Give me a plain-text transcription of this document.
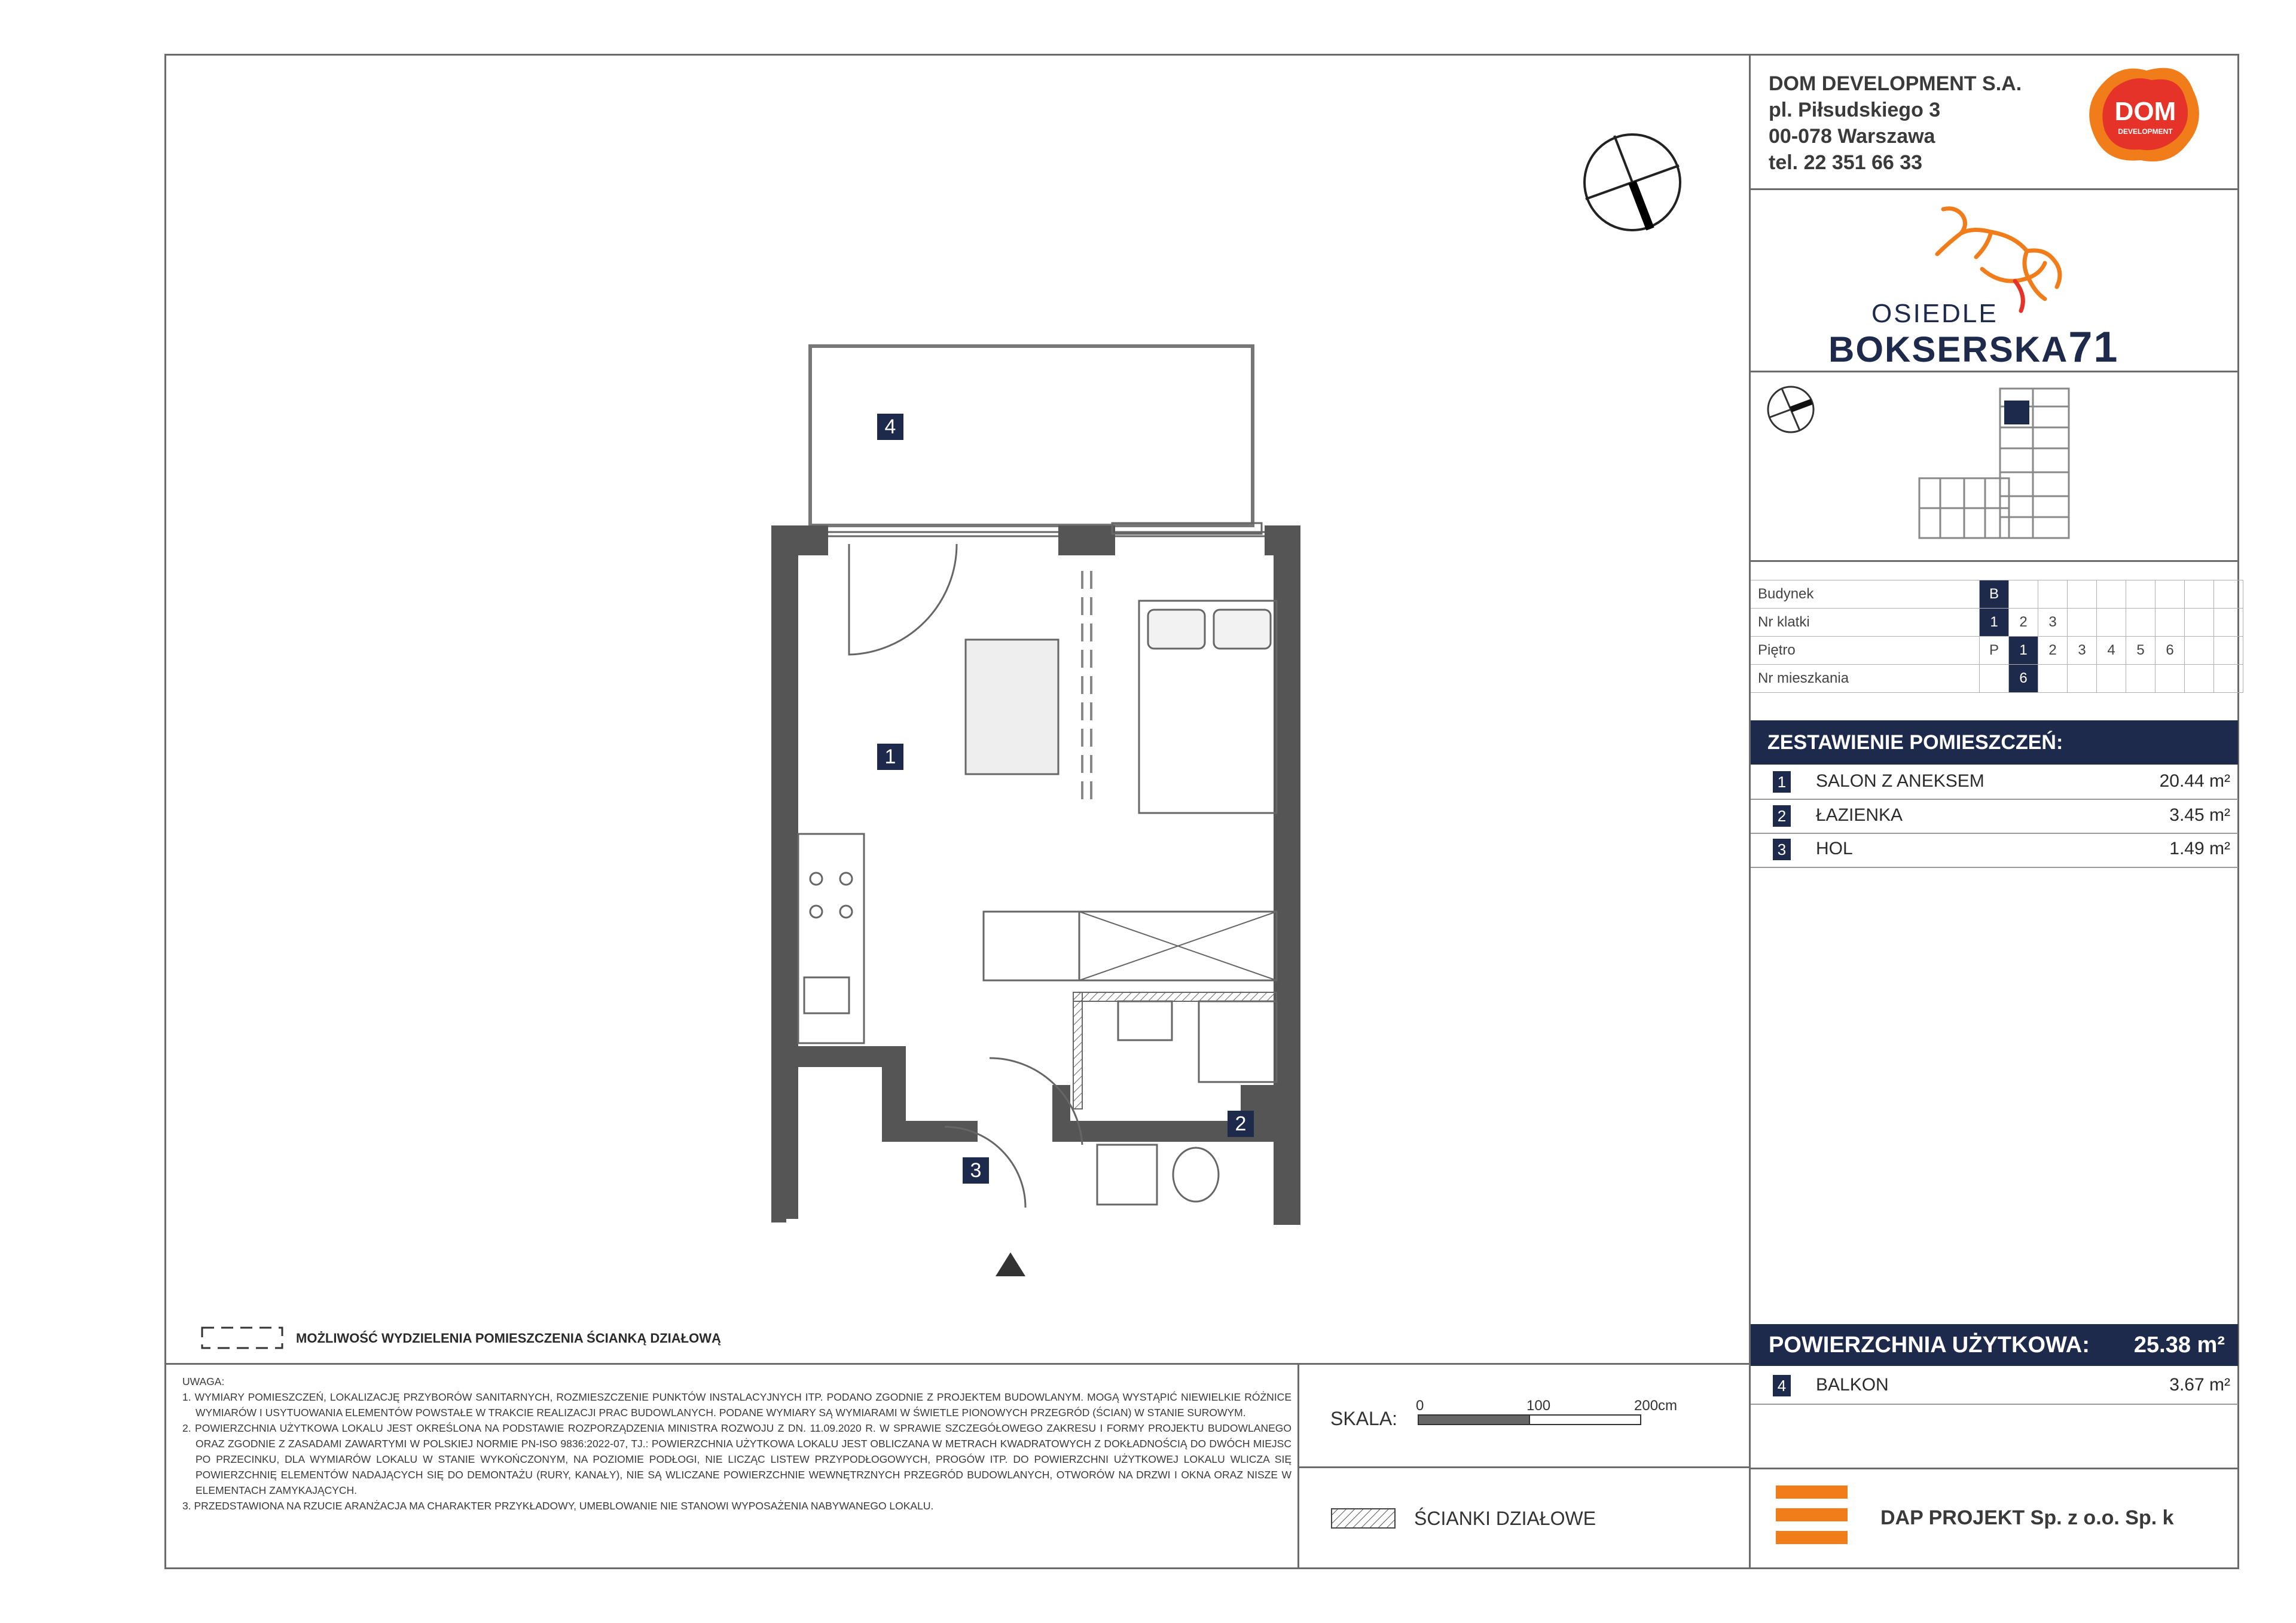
DOM DEVELOPMENT S.A.
pl. Piłsudskiego 3
00-078 Warszawa
tel. 22 351 66 33
DOM
DEVELOPMENT
OSIEDLE
BOKSERSKA71
Budynek	B								
Nr klatki	1	2	3						
Piętro	P	1	2	3	4	5	6		
Nr mieszkania		6							
ZESTAWIENIE POMIESZCZEŃ:
1 SALON Z ANEKSEM	20.44 m²
2 ŁAZIENKA	3.45 m²
3 HOL	1.49 m²
POWIERZCHNIA UŻYTKOWA: 25.38 m²
4 BALKON	3.67 m²
DAP PROJEKT Sp. z o.o. Sp. k
1
2
3
4
MOŻLIWOŚĆ WYDZIELENIA POMIESZCZENIA ŚCIANKĄ DZIAŁOWĄ

UWAGA:

1. WYMIARY POMIESZCZEŃ, LOKALIZACJĘ PRZYBORÓW SANITARNYCH, ROZMIESZCZENIE PUNKTÓW INSTALACYJNYCH ITP. PODANO ZGODNIE Z PROJEKTEM BUDOWLANYM. MOGĄ WYSTĄPIĆ NIEWIELKIE RÓŻNICE WYMIARÓW I USYTUOWANIA ELEMENTÓW POWSTAŁE W TRAKCIE REALIZACJI PRAC BUDOWLANYCH. PODANE WYMIARY SĄ WYMIARAMI W ŚWIETLE PIONOWYCH PRZEGRÓD (ŚCIAN) W STANIE SUROWYM.

2. POWIERZCHNIA UŻYTKOWA LOKALU JEST OKREŚLONA NA PODSTAWIE ROZPORZĄDZENIA MINISTRA ROZWOJU Z DN. 11.09.2020 R. W SPRAWIE SZCZEGÓŁOWEGO ZAKRESU I FORMY PROJEKTU BUDOWLANEGO ORAZ ZGODNIE Z ZASADAMI ZAWARTYMI W POLSKIEJ NORMIE PN-ISO 9836:2022-07, TJ.: POWIERZCHNIA UŻYTKOWA LOKALU JEST OBLICZANA W METRACH KWADRATOWYCH Z DOKŁADNOŚCIĄ DO DWÓCH MIEJSC PO PRZECINKU, DLA WYMIARÓW LOKALU W STANIE WYKOŃCZONYM, NA POZIOMIE PODŁOGI, NIE LICZĄC LISTEW PRZYPODŁOGOWYCH, PROGÓW ITP. DO POWIERZCHNI UŻYTKOWEJ LOKALU WLICZA SIĘ POWIERZCHNIĘ ELEMENTÓW NADAJĄCYCH SIĘ DO DEMONTAŻU (RURY, KANAŁY), NIE SĄ WLICZANE POWIERZCHNIE WEWNĘTRZNYCH PRZEGRÓD BUDOWLANYCH, OTWORÓW NA DRZWI I OKNA ORAZ NISZE W ELEMENTACH ZAMYKAJĄCYCH.

3. PRZEDSTAWIONA NA RZUCIE ARANŻACJA MA CHARAKTER PRZYKŁADOWY, UMEBLOWANIE NIE STANOWI WYPOSAŻENIA NABYWANEGO LOKALU.

SKALA:
0	100	200cm
ŚCIANKI DZIAŁOWE
